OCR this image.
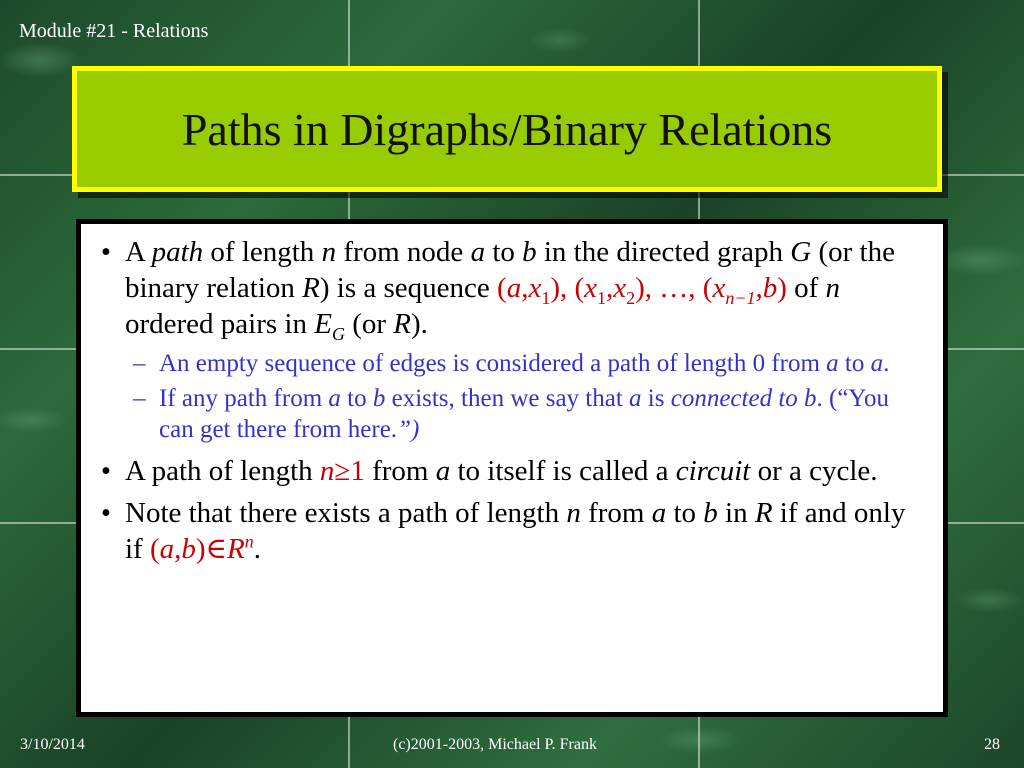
Module #21 - Relations
Paths in Digraphs/Binary Relations
• A path of length n from node a to b in the directed graph G (or the binary relation R) is a sequence $(a,x_1)$, $(x_1,x_2)$, …, $(x_{n-1},b)$ of n ordered pairs in $E_G$ (or R).
– An empty sequence of edges is considered a path of length 0 from a to a.
– If any path from a to b exists, then we say that a is connected to b. (“You can get there from here.”)
• A path of length n≥1 from a to itself is called a circuit or a cycle.
• Note that there exists a path of length n from a to b in R if and only if $(a,b)\in R^n$.
3/10/2014	(c)2001-2003, Michael P. Frank	28
